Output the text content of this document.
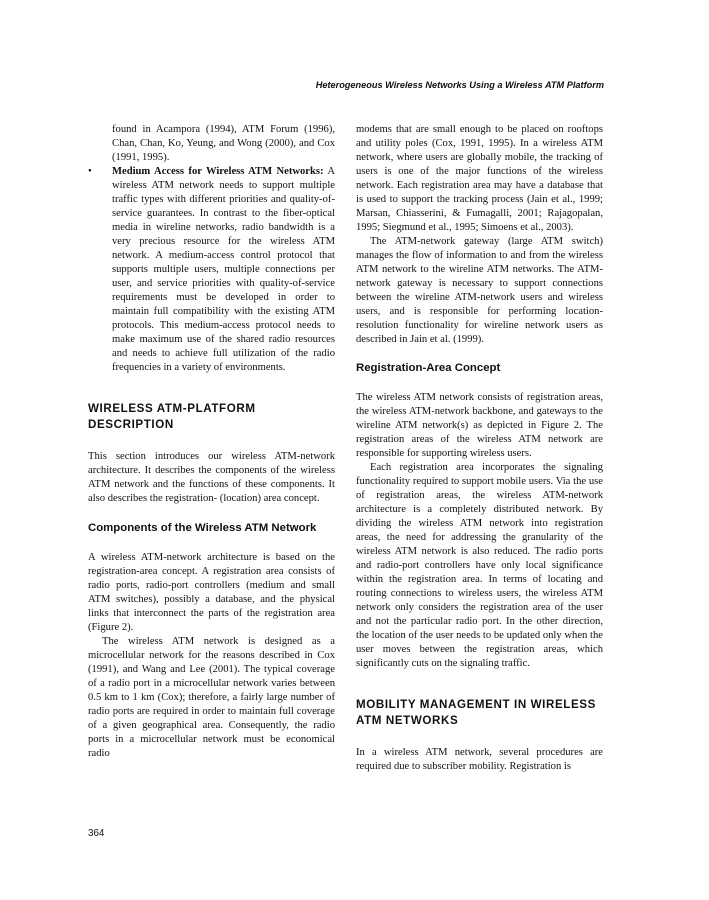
Heterogeneous Wireless Networks Using a Wireless ATM Platform

found in Acampora (1994), ATM Forum (1996), Chan, Chan, Ko, Yeung, and Wong (2000), and Cox (1991, 1995).

• Medium Access for Wireless ATM Networks: A wireless ATM network needs to support multiple traffic types with different priorities and quality-of-service guarantees. In contrast to the fiber-optical media in wireline networks, radio bandwidth is a very precious resource for the wireless ATM network. A medium-access control protocol that supports multiple users, multiple connections per user, and service priorities with quality-of-service requirements must be developed in order to maintain full compatibility with the existing ATM protocols. This medium-access protocol needs to make maximum use of the shared radio resources and needs to achieve full utilization of the radio frequencies in a variety of environments.

WIRELESS ATM-PLATFORM DESCRIPTION

This section introduces our wireless ATM-network architecture. It describes the components of the wireless ATM network and the functions of these components. It also describes the registration- (location) area concept.

Components of the Wireless ATM Network

A wireless ATM-network architecture is based on the registration-area concept. A registration area consists of radio ports, radio-port controllers (medium and small ATM switches), possibly a database, and the physical links that interconnect the parts of the registration area (Figure 2).

The wireless ATM network is designed as a microcellular network for the reasons described in Cox (1991), and Wang and Lee (2001). The typical coverage of a radio port in a microcellular network varies between 0.5 km to 1 km (Cox); therefore, a fairly large number of radio ports are required in order to maintain full coverage of a given geographical area. Consequently, the radio ports in a microcellular network must be economical radio

modems that are small enough to be placed on rooftops and utility poles (Cox, 1991, 1995). In a wireless ATM network, where users are globally mobile, the tracking of users is one of the major functions of the wireless network. Each registration area may have a database that is used to support the tracking process (Jain et al., 1999; Marsan, Chiasserini, & Fumagalli, 2001; Rajagopalan, 1995; Siegmund et al., 1995; Simoens et al., 2003).

The ATM-network gateway (large ATM switch) manages the flow of information to and from the wireless ATM network to the wireline ATM networks. The ATM-network gateway is necessary to support connections between the wireline ATM-network users and wireless users, and is responsible for performing location-resolution functionality for wireline network users as described in Jain et al. (1999).

Registration-Area Concept

The wireless ATM network consists of registration areas, the wireless ATM-network backbone, and gateways to the wireline ATM network(s) as depicted in Figure 2. The registration areas of the wireless ATM network are responsible for supporting wireless users.

Each registration area incorporates the signaling functionality required to support mobile users. Via the use of registration areas, the wireless ATM-network architecture is a completely distributed network. By dividing the wireless ATM network into registration areas, the need for addressing the granularity of the wireless ATM network is also reduced. The radio ports and radio-port controllers have only local significance within the registration area. In terms of locating and routing connections to wireless users, the wireless ATM network only considers the registration area of the user and not the particular radio port. In the other direction, the location of the user needs to be updated only when the user moves between the registration areas, which significantly cuts on the signaling traffic.

MOBILITY MANAGEMENT IN WIRELESS ATM NETWORKS

In a wireless ATM network, several procedures are required due to subscriber mobility. Registration is

364
